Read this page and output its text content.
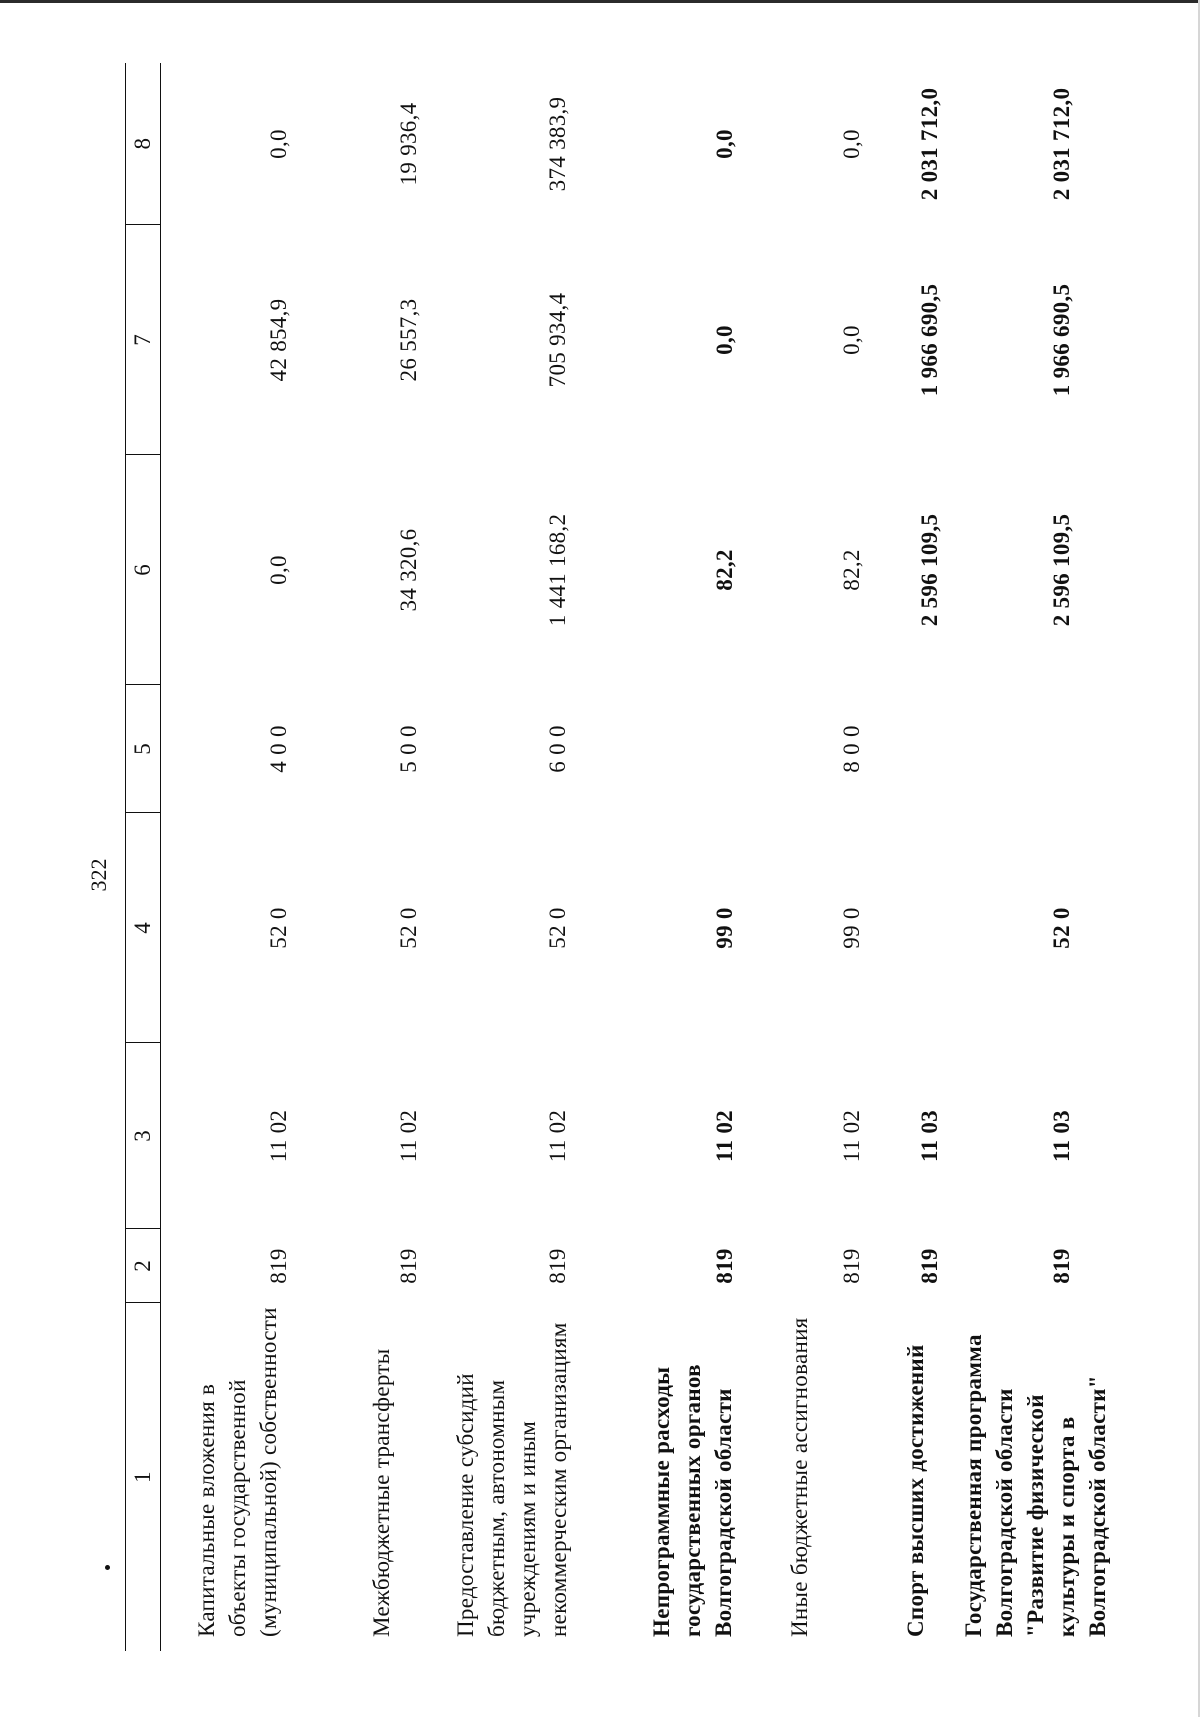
322
1	2	3	4	5	6	7	8
Капитальные вложения в объекты государственной (муниципальной) собственности	819	11 02	52 0	4 0 0	0,0	42 854,9	0,0
Межбюджетные трансферты	819	11 02	52 0	5 0 0	34 320,6	26 557,3	19 936,4
Предоставление субсидий бюджетным, автономным учреждениям и иным некоммерческим организациям	819	11 02	52 0	6 0 0	1 441 168,2	705 934,4	374 383,9
Непрограммные расходы государственных органов Волгоградской области	819	11 02	99 0		82,2	0,0	0,0
Иные бюджетные ассигнования	819	11 02	99 0	8 0 0	82,2	0,0	0,0
Спорт высших достижений	819	11 03			2 596 109,5	1 966 690,5	2 031 712,0
Государственная программа Волгоградской области "Развитие физической культуры и спорта в Волгоградской области"	819	11 03	52 0		2 596 109,5	1 966 690,5	2 031 712,0
